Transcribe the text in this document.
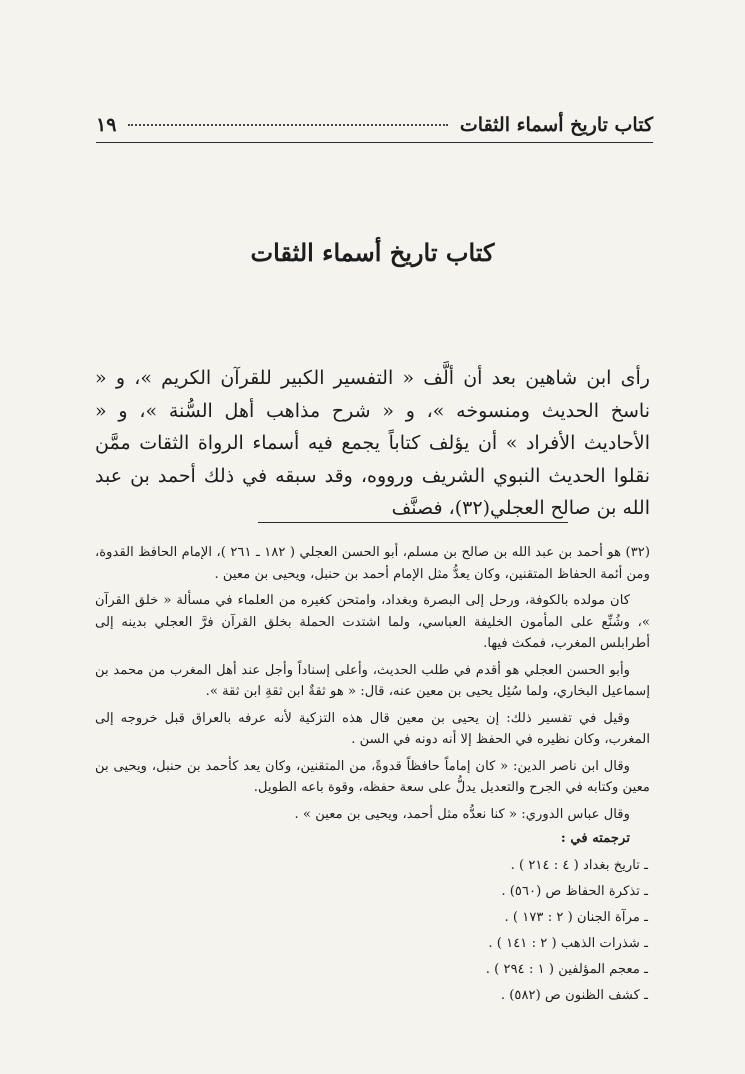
كتاب تاريخ أسماء الثقات
١٩
كتاب تاريخ أسماء الثقات

رأى ابن شاهين بعد أن ألَّف « التفسير الكبير للقرآن الكريم »، و « ناسخ الحديث ومنسوخه »، و « شرح مذاهب أهل السُّنة »، و « الأحاديث الأفراد » أن يؤلف كتاباً يجمع فيه أسماء الرواة الثقات ممَّن نقلوا الحديث النبوي الشريف ورووه، وقد سبقه في ذلك أحمد بن عبد الله بن صالح العجلي(٣٢)، فصنَّف

(٣٢) هو أحمد بن عبد الله بن صالح بن مسلم، أبو الحسن العجلي ( ١٨٢ ـ ٢٦١ )، الإمام الحافظ القدوة، ومن أئمة الحفاظ المتقنين، وكان يعدُّ مثل الإمام أحمد بن حنبل، ويحيى بن معين .

كان مولده بالكوفة، ورحل إلى البصرة وبغداد، وامتحن كغيره من العلماء في مسألة « خلق القرآن »، وشُنِّع على المأمون الخليفة العباسي، ولما اشتدت الحملة بخلق القرآن فرَّ العجلي بدينه إلى أطرابلس المغرب، فمكث فيها.

وأبو الحسن العجلي هو أقدم في طلب الحديث، وأعلى إسناداً وأجل عند أهل المغرب من محمد بن إسماعيل البخاري، ولما سُئِل يحيى بن معين عنه، قال: « هو ثقةٌ ابن ثقةِ ابن ثقة ».

وقيل في تفسير ذلك: إن يحيى بن معين قال هذه التزكية لأنه عرفه بالعراق قبل خروجه إلى المغرب، وكان نظيره في الحفظ إلا أنه دونه في السن .

وقال ابن ناصر الدين: « كان إماماً حافظاً قدوةً، من المتقنين، وكان يعد كأحمد بن حنبل، ويحيى بن معين وكتابه في الجرح والتعديل يدلُّ على سعة حفظه، وقوة باعه الطويل.

وقال عباس الدوري: « كنا نعدُّه مثل أحمد، ويحيى بن معين » .

ترجمته في :

ـ تاريخ بغداد ( ٤ : ٢١٤ ) .
ـ تذكرة الحفاظ ص (٥٦٠) .
ـ مرآة الجنان ( ٢ : ١٧٣ ) .
ـ شذرات الذهب ( ٢ : ١٤١ ) .
ـ معجم المؤلفين ( ١ : ٢٩٤ ) .
ـ كشف الظنون ص (٥٨٢) .
